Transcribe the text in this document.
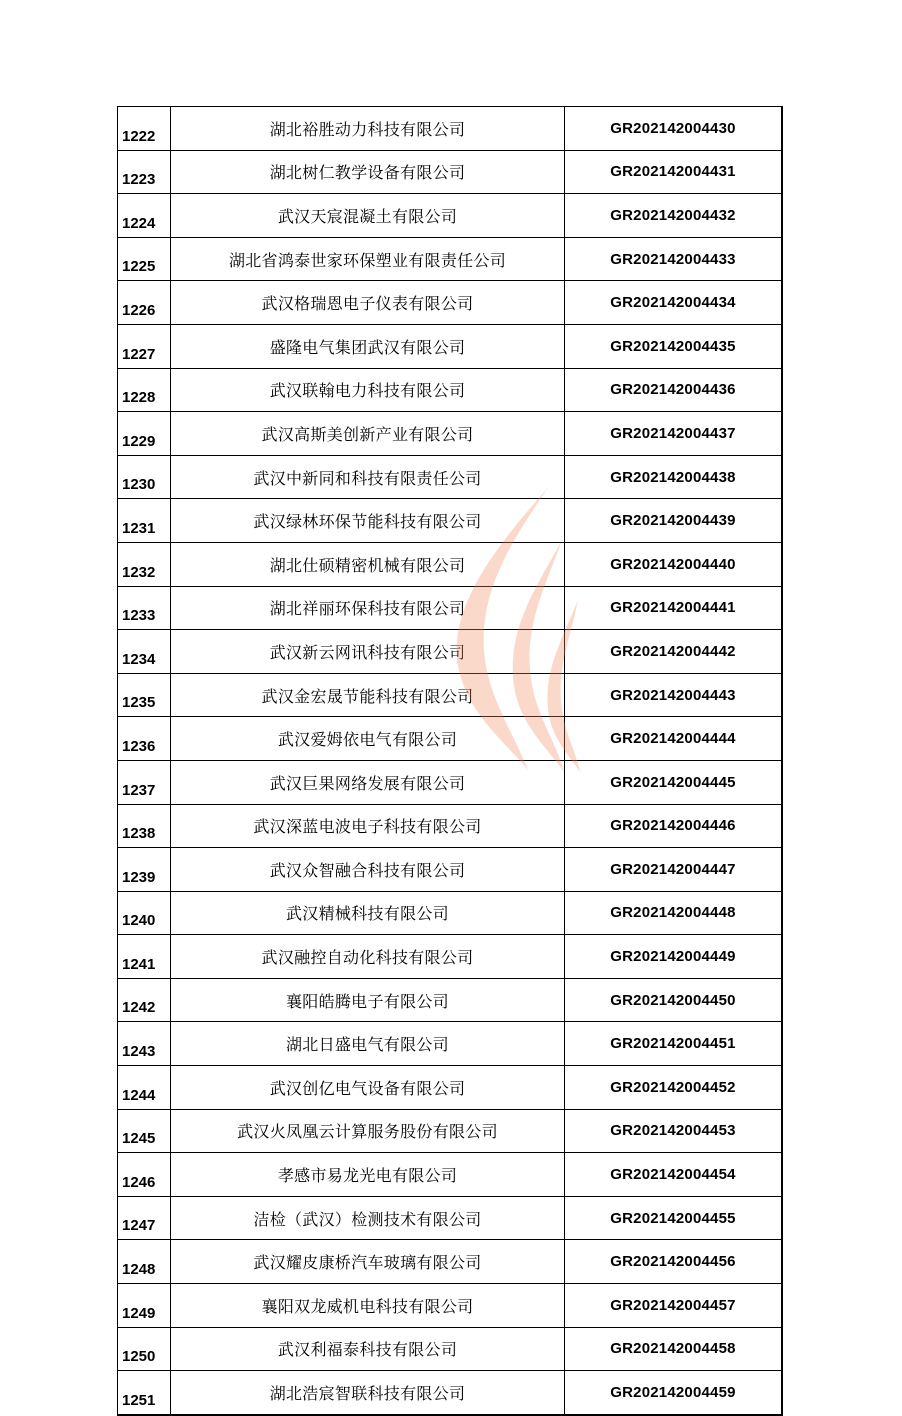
1222	湖北裕胜动力科技有限公司	GR202142004430
1223	湖北树仁教学设备有限公司	GR202142004431
1224	武汉天宸混凝土有限公司	GR202142004432
1225	湖北省鸿泰世家环保塑业有限责任公司	GR202142004433
1226	武汉格瑞恩电子仪表有限公司	GR202142004434
1227	盛隆电气集团武汉有限公司	GR202142004435
1228	武汉联翰电力科技有限公司	GR202142004436
1229	武汉高斯美创新产业有限公司	GR202142004437
1230	武汉中新同和科技有限责任公司	GR202142004438
1231	武汉绿林环保节能科技有限公司	GR202142004439
1232	湖北仕硕精密机械有限公司	GR202142004440
1233	湖北祥丽环保科技有限公司	GR202142004441
1234	武汉新云网讯科技有限公司	GR202142004442
1235	武汉金宏晟节能科技有限公司	GR202142004443
1236	武汉爱姆依电气有限公司	GR202142004444
1237	武汉巨果网络发展有限公司	GR202142004445
1238	武汉深蓝电波电子科技有限公司	GR202142004446
1239	武汉众智融合科技有限公司	GR202142004447
1240	武汉精械科技有限公司	GR202142004448
1241	武汉融控自动化科技有限公司	GR202142004449
1242	襄阳皓腾电子有限公司	GR202142004450
1243	湖北日盛电气有限公司	GR202142004451
1244	武汉创亿电气设备有限公司	GR202142004452
1245	武汉火凤凰云计算服务股份有限公司	GR202142004453
1246	孝感市易龙光电有限公司	GR202142004454
1247	洁检（武汉）检测技术有限公司	GR202142004455
1248	武汉耀皮康桥汽车玻璃有限公司	GR202142004456
1249	襄阳双龙威机电科技有限公司	GR202142004457
1250	武汉利福泰科技有限公司	GR202142004458
1251	湖北浩宸智联科技有限公司	GR202142004459
